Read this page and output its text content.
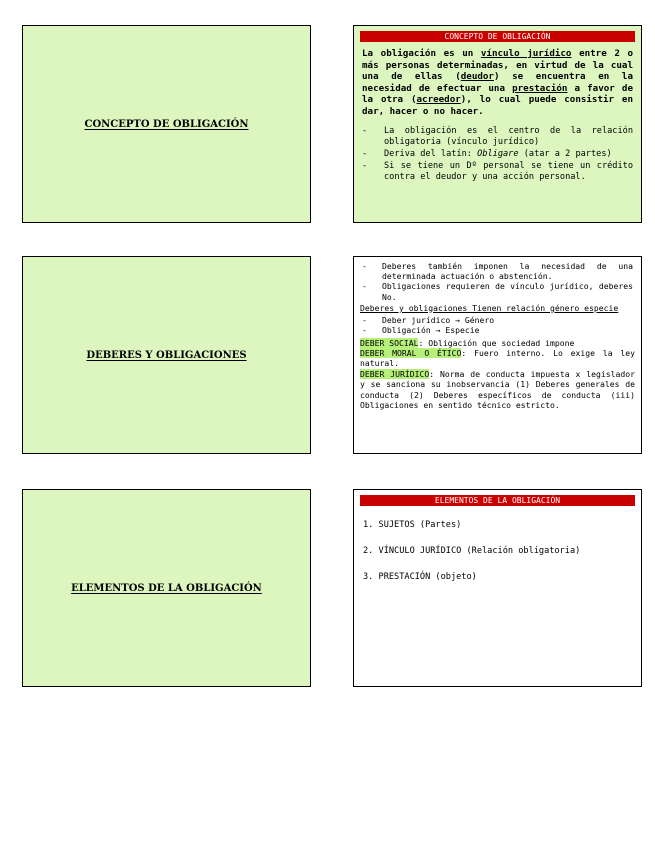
CONCEPTO DE OBLIGACIÓN
CONCEPTO DE OBLIGACIÓN
La obligación es un vínculo jurídico entre 2 o más personas determinadas, en virtud de la cual una de ellas (deudor) se encuentra en la necesidad de efectuar una prestación a favor de la otra (acreedor), lo cual puede consistir en dar, hacer o no hacer.
- La obligación es el centro de la relación obligatoria (vínculo jurídico)
- Deriva del latín: Obligare (atar a 2 partes)
- Si se tiene un Dº personal se tiene un crédito contra el deudor y una acción personal.
DEBERES Y OBLIGACIONES
- Deberes también imponen la necesidad de una determinada actuación o abstención.
- Obligaciones requieren de vínculo jurídico, deberes No.
Deberes y obligaciones Tienen relación género especie
- Deber jurídico → Género
- Obligación → Especie
DEBER SOCIAL: Obligación que sociedad impone
DEBER MORAL O ÉTICO: Fuero interno. Lo exige la ley natural.
DEBER JURÍDICO: Norma de conducta impuesta x legislador y se sanciona su inobservancia (1) Deberes generales de conducta (2) Deberes específicos de conducta (iii) Obligaciones en sentido técnico estricto.
ELEMENTOS DE LA OBLIGACIÓN
ELEMENTOS DE LA OBLIGACIÓN
1. SUJETOS (Partes)
2. VÍNCULO JURÍDICO (Relación obligatoria)
3. PRESTACIÓN (objeto)
